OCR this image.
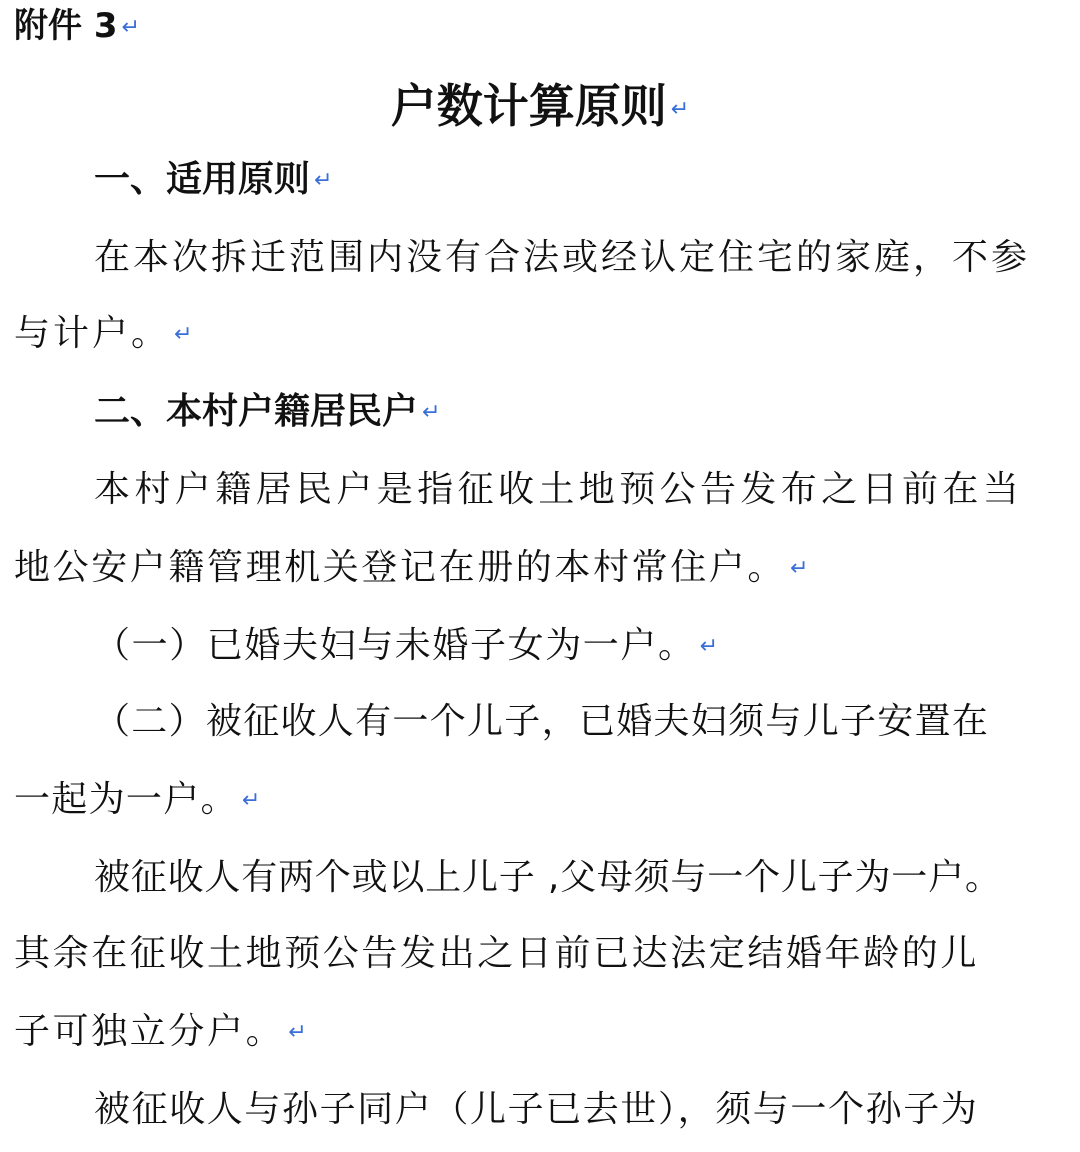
附件 3 ↵
户数计算原则 ↵
一、适用原则 ↵
在本次拆迁范围内没有合法或经认定住宅的家庭，不参
与计户。 ↵
二、本村户籍居民户 ↵
本村户籍居民户是指征收土地预公告发布之日前在当
地公安户籍管理机关登记在册的本村常住户。 ↵
（一）已婚夫妇与未婚子女为一户。 ↵
（二）被征收人有一个儿子，已婚夫妇须与儿子安置在
一起为一户。 ↵
被征收人有两个或以上儿子 ,父母须与一个儿子为一户。
其余在征收土地预公告发出之日前已达法定结婚年龄的儿
子可独立分户。 ↵
被征收人与孙子同户（儿子已去世），须与一个孙子为
